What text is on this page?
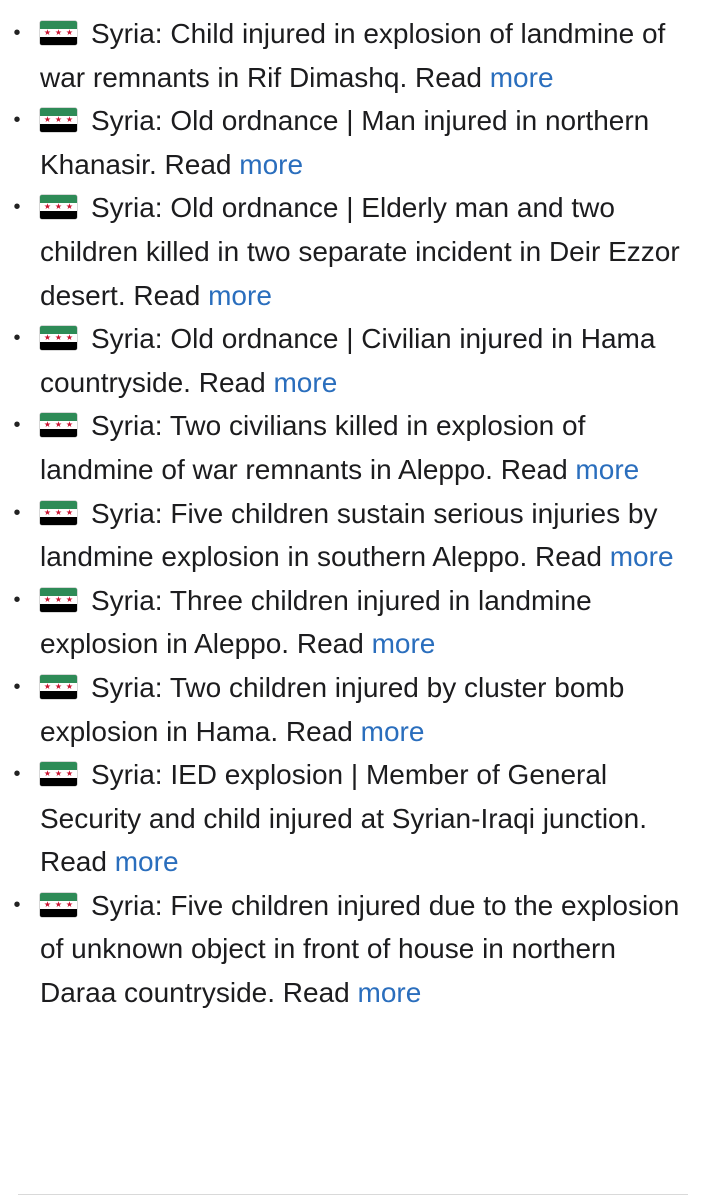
•	★ ★ ★ Syria: Child injured in explosion of landmine of war remnants in Rif Dimashq. Read more
•	★ ★ ★ Syria: Old ordnance | Man injured in northern Khanasir. Read more
•	★ ★ ★ Syria: Old ordnance | Elderly man and two children killed in two separate incident in Deir Ezzor desert. Read more
•	★ ★ ★ Syria: Old ordnance | Civilian injured in Hama countryside. Read more
•	★ ★ ★ Syria: Two civilians killed in explosion of landmine of war remnants in Aleppo. Read more
•	★ ★ ★ Syria: Five children sustain serious injuries by landmine explosion in southern Aleppo. Read more
•	★ ★ ★ Syria: Three children injured in landmine explosion in Aleppo. Read more
•	★ ★ ★ Syria: Two children injured by cluster bomb explosion in Hama. Read more
•	★ ★ ★ Syria: IED explosion | Member of General Security and child injured at Syrian-Iraqi junction. Read more
•	★ ★ ★ Syria: Five children injured due to the explosion of unknown object in front of house in northern Daraa countryside. Read more
